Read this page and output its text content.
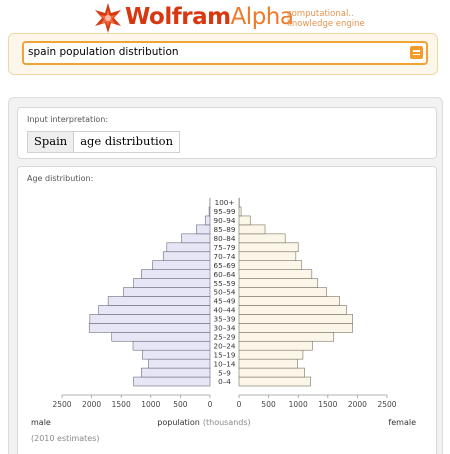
WolframAlpha
computational..
knowledge engine
spain population distribution
Input interpretation:
Spain	age distribution
Age distribution:
0–4
5–9
10–14
15–19
20–24
25–29
30–34
35–39
40–44
45–49
50–54
55–59
60–64
65–69
70–74
75–79
80–84
85–89
90–94
95–99
100+
2500 2000 1500 1000 500	0	0	500 1000 1500 2000 2500
male	female
population (thousands)
(2010 estimates)
